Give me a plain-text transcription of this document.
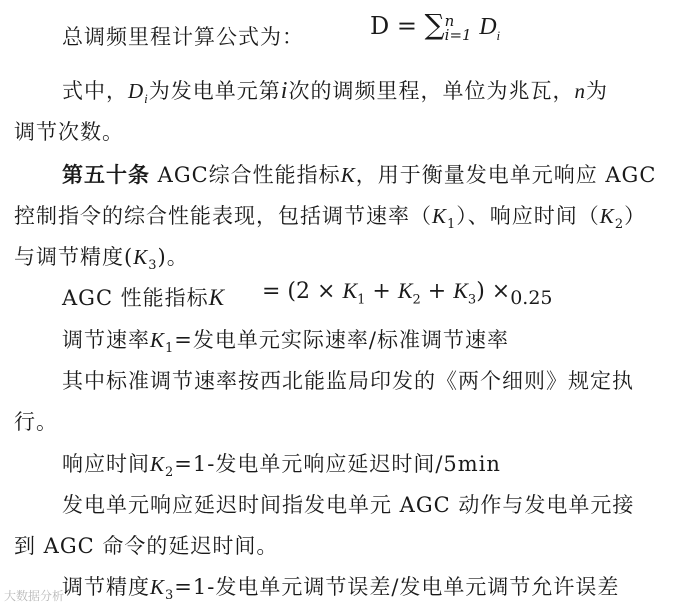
总调频里程计算公式为：	D = ∑ n
i=1 $D_i$
式中，$D_i$为发电单元第i次的调频里程，单位为兆瓦，n为
调节次数。
第五十条 AGC综合性能指标K，用于衡量发电单元响应 AGC
控制指令的综合性能表现，包括调节速率$(K_1)$、响应时间$(K_2)$
与调节精度$(K_3)$。
AGC 性能指标$K = (2 \times K_1 + K_2 + K_3) \times 0.25$
调节速率$K_1=$发电单元实际速率/标准调节速率
其中标准调节速率按西北能监局印发的《两个细则》规定执
行。
响应时间$K_2=1-$发电单元响应延迟时间/5min
发电单元响应延迟时间指发电单元 AGC 动作与发电单元接
到 AGC 命令的延迟时间。
调节精度$K_3=1-$发电单元调节误差/发电单元调节允许误差
大数据分析
